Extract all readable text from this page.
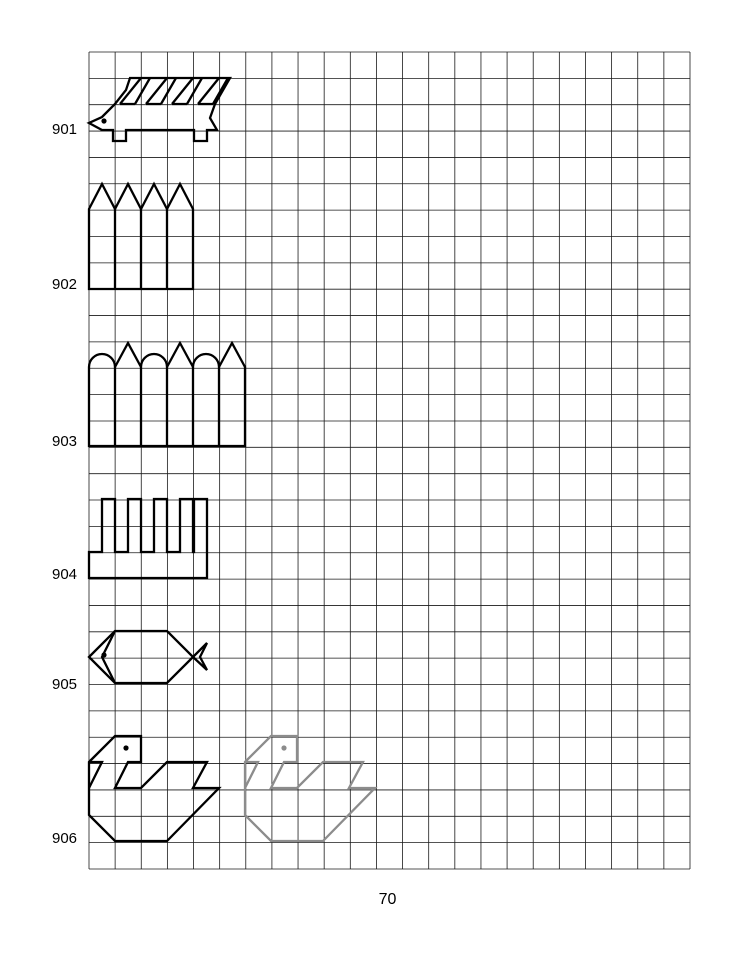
901
902
903
904
905
906
70
